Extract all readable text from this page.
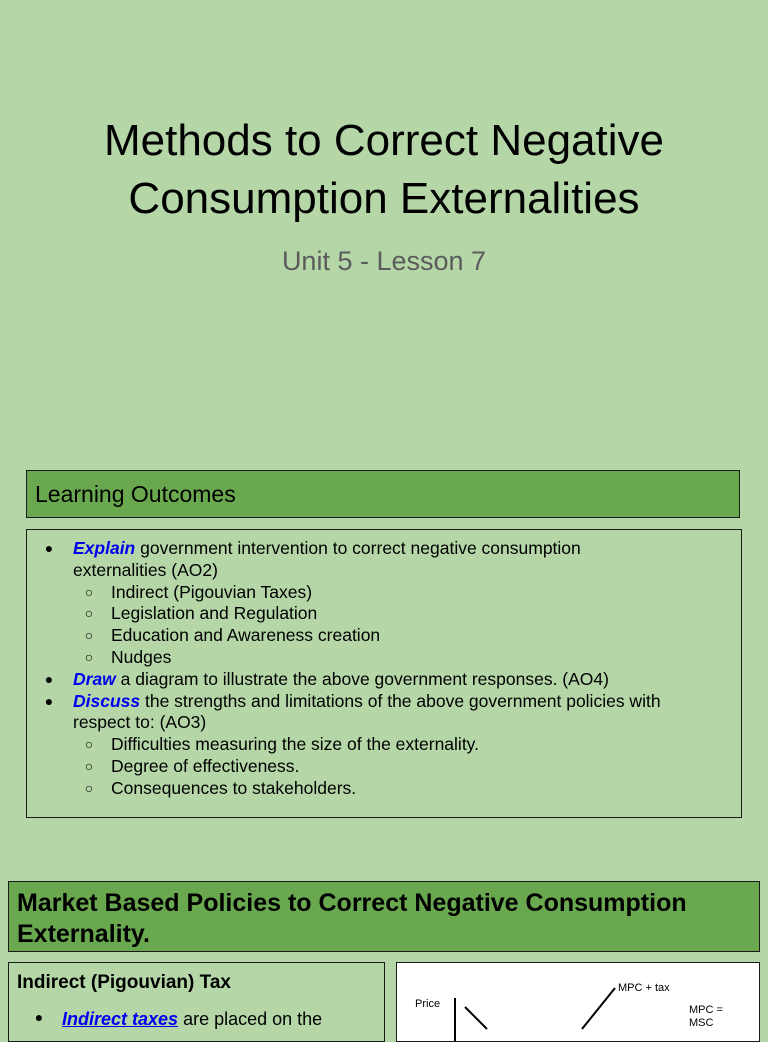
Methods to Correct Negative
Consumption Externalities
Unit 5 - Lesson 7
Learning Outcomes
●	Explain government intervention to correct negative consumption
externalities (AO2)
○	Indirect (Pigouvian Taxes)
○	Legislation and Regulation
○	Education and Awareness creation
○	Nudges
●	Draw a diagram to illustrate the above government responses. (AO4)
●	Discuss the strengths and limitations of the above government policies with
respect to: (AO3)
○	Difficulties measuring the size of the externality.
○	Degree of effectiveness.
○	Consequences to stakeholders.
Market Based Policies to Correct Negative Consumption
Externality.
Indirect (Pigouvian) Tax
●	Indirect taxes are placed on the
Price
MPC + tax
MPC =
MSC
